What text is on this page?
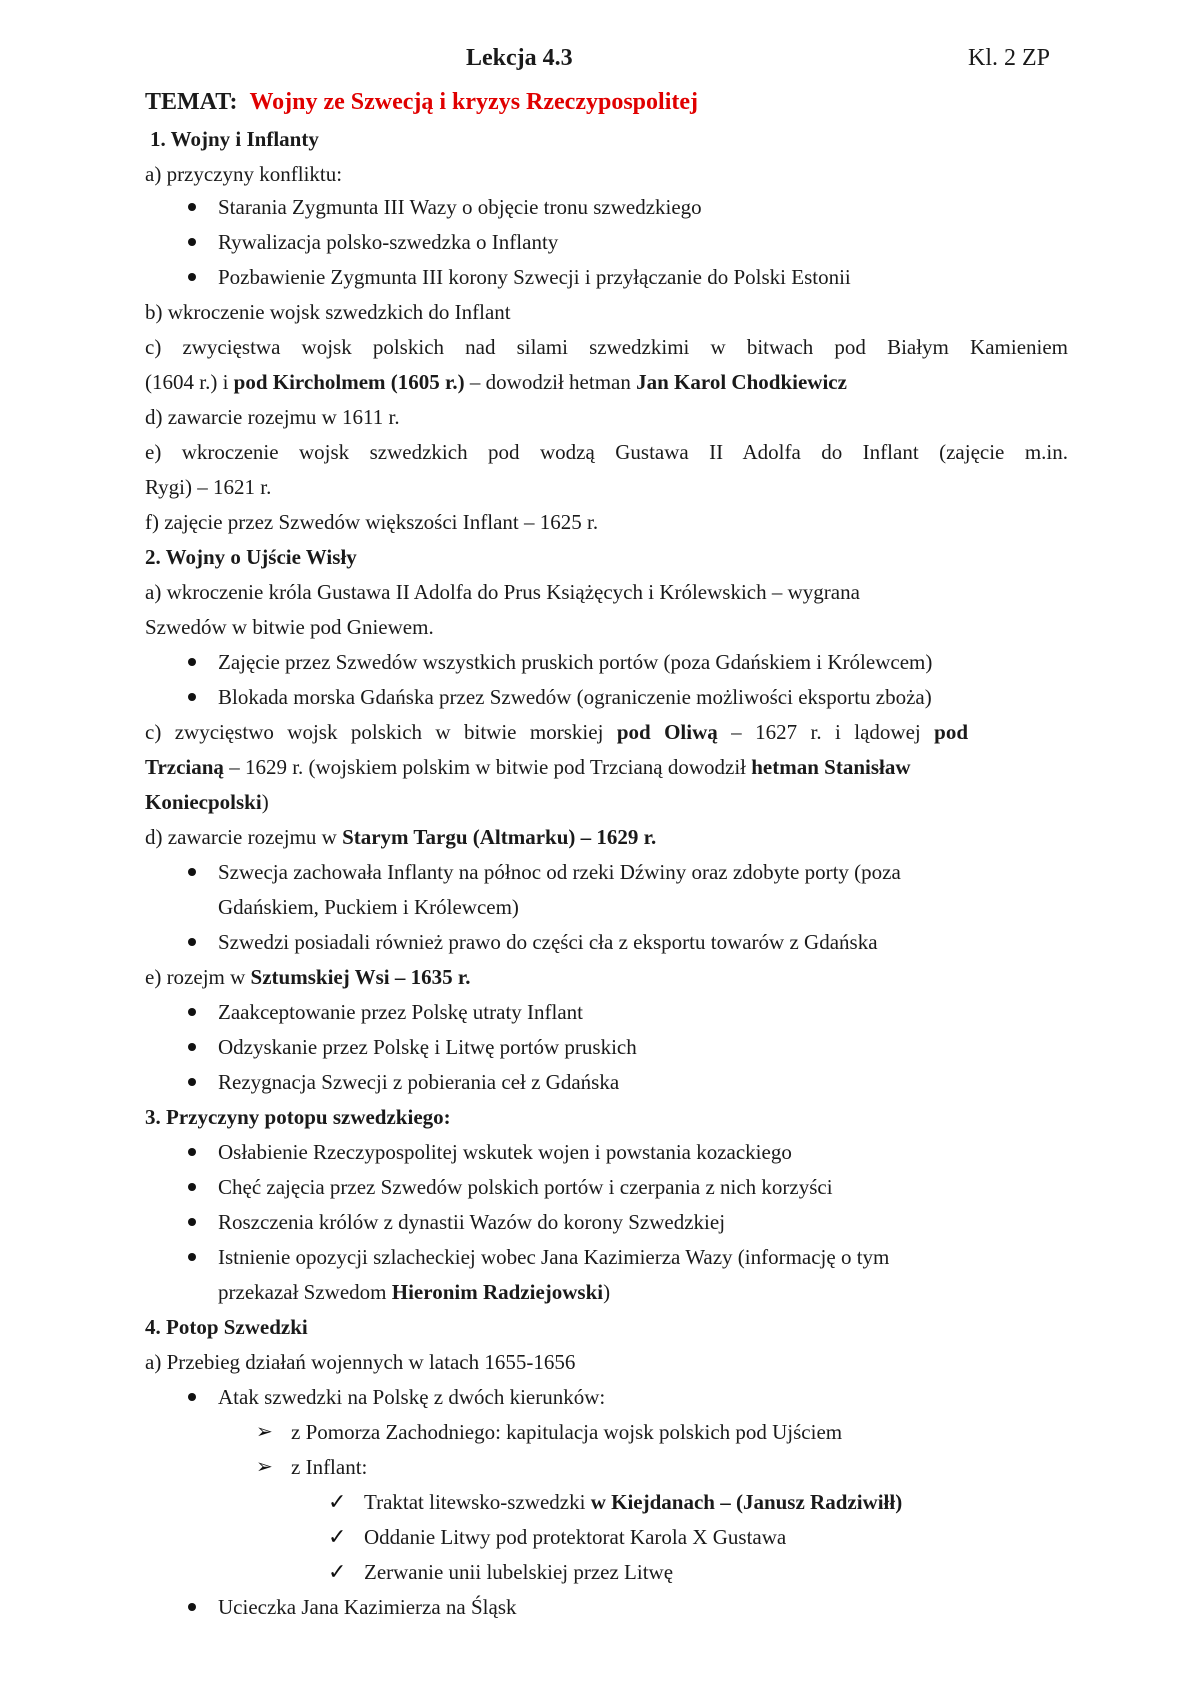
Lekcja 4.3	Kl. 2 ZP
TEMAT: Wojny ze Szwecją i kryzys Rzeczypospolitej
1. Wojny i Inflanty
a) przyczyny konfliktu:
Starania Zygmunta III Wazy o objęcie tronu szwedzkiego
Rywalizacja polsko-szwedzka o Inflanty
Pozbawienie Zygmunta III korony Szwecji i przyłączanie do Polski Estonii
b) wkroczenie wojsk szwedzkich do Inflant
c) zwycięstwa wojsk polskich nad silami szwedzkimi w bitwach pod Białym Kamieniem
(1604 r.) i pod Kircholmem (1605 r.) – dowodził hetman Jan Karol Chodkiewicz
d) zawarcie rozejmu w 1611 r.
e) wkroczenie wojsk szwedzkich pod wodzą Gustawa II Adolfa do Inflant (zajęcie m.in.
Rygi) – 1621 r.
f) zajęcie przez Szwedów większości Inflant – 1625 r.
2. Wojny o Ujście Wisły
a) wkroczenie króla Gustawa II Adolfa do Prus Książęcych i Królewskich – wygrana
Szwedów w bitwie pod Gniewem.
Zajęcie przez Szwedów wszystkich pruskich portów (poza Gdańskiem i Królewcem)
Blokada morska Gdańska przez Szwedów (ograniczenie możliwości eksportu zboża)
c) zwycięstwo wojsk polskich w bitwie morskiej pod Oliwą – 1627 r. i lądowej pod
Trzcianą – 1629 r. (wojskiem polskim w bitwie pod Trzcianą dowodził hetman Stanisław
Koniecpolski)
d) zawarcie rozejmu w Starym Targu (Altmarku) – 1629 r.
Szwecja zachowała Inflanty na północ od rzeki Dźwiny oraz zdobyte porty (poza
Gdańskiem, Puckiem i Królewcem)
Szwedzi posiadali również prawo do części cła z eksportu towarów z Gdańska
e) rozejm w Sztumskiej Wsi – 1635 r.
Zaakceptowanie przez Polskę utraty Inflant
Odzyskanie przez Polskę i Litwę portów pruskich
Rezygnacja Szwecji z pobierania ceł z Gdańska
3. Przyczyny potopu szwedzkiego:
Osłabienie Rzeczypospolitej wskutek wojen i powstania kozackiego
Chęć zajęcia przez Szwedów polskich portów i czerpania z nich korzyści
Roszczenia królów z dynastii Wazów do korony Szwedzkiej
Istnienie opozycji szlacheckiej wobec Jana Kazimierza Wazy (informację o tym
przekazał Szwedom Hieronim Radziejowski)
4. Potop Szwedzki
a) Przebieg działań wojennych w latach 1655-1656
Atak szwedzki na Polskę z dwóch kierunków:
➢ z Pomorza Zachodniego: kapitulacja wojsk polskich pod Ujściem
➢ z Inflant:
✓ Traktat litewsko-szwedzki w Kiejdanach – (Janusz Radziwiłł)
✓ Oddanie Litwy pod protektorat Karola X Gustawa
✓ Zerwanie unii lubelskiej przez Litwę
Ucieczka Jana Kazimierza na Śląsk
